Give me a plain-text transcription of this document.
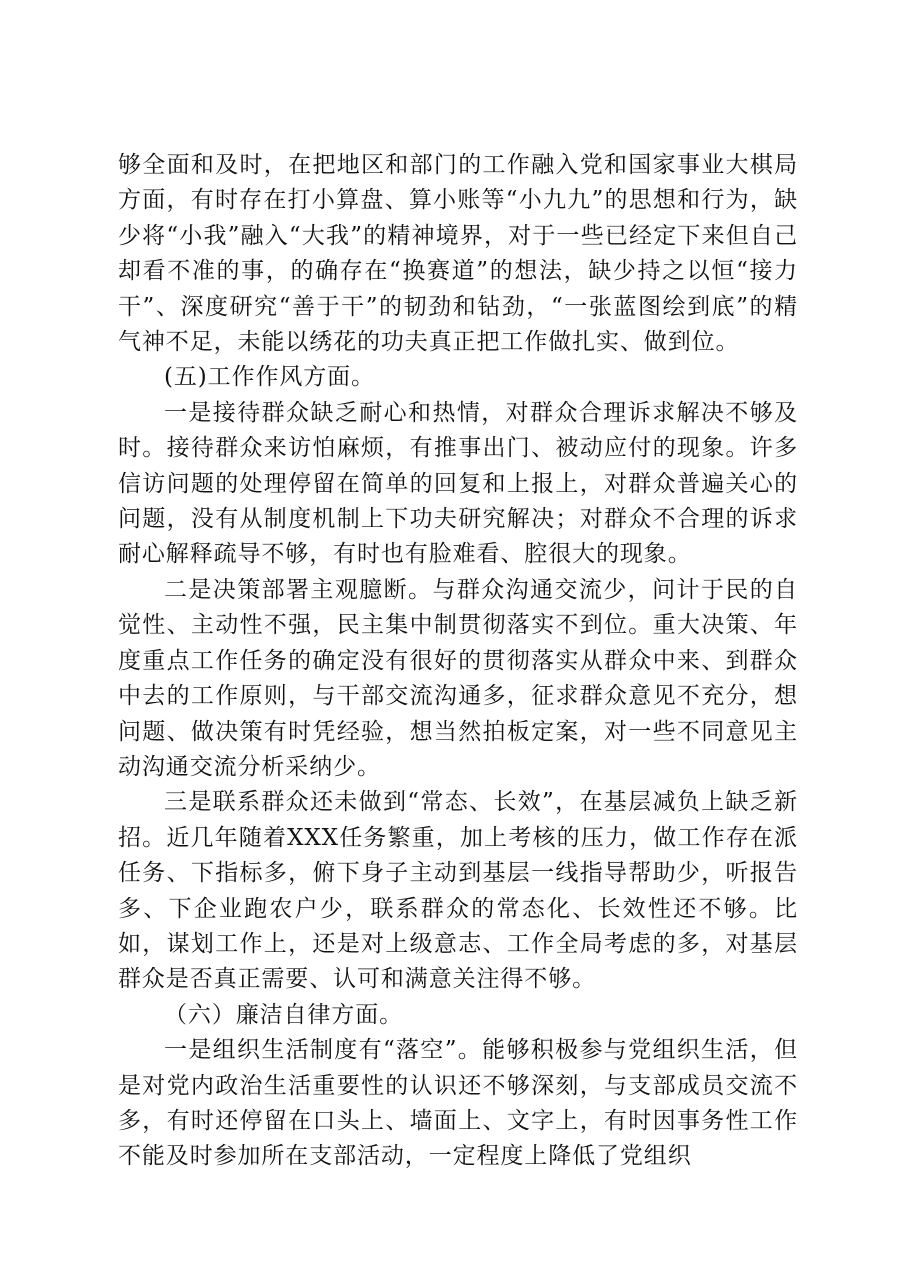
够全面和及时，在把地区和部门的工作融入党和国家事业大棋局方面，有时存在打小算盘、算小账等“小九九”的思想和行为，缺少将“小我”融入“大我”的精神境界，对于一些已经定下来但自己却看不准的事，的确存在“换赛道”的想法，缺少持之以恒“接力干”、深度研究“善于干”的韧劲和钻劲，“一张蓝图绘到底”的精气神不足，未能以绣花的功夫真正把工作做扎实、做到位。

(五)工作作风方面。

一是接待群众缺乏耐心和热情，对群众合理诉求解决不够及时。接待群众来访怕麻烦，有推事出门、被动应付的现象。许多信访问题的处理停留在简单的回复和上报上，对群众普遍关心的问题，没有从制度机制上下功夫研究解决；对群众不合理的诉求耐心解释疏导不够，有时也有脸难看、腔很大的现象。

二是决策部署主观臆断。与群众沟通交流少，问计于民的自觉性、主动性不强，民主集中制贯彻落实不到位。重大决策、年度重点工作任务的确定没有很好的贯彻落实从群众中来、到群众中去的工作原则，与干部交流沟通多，征求群众意见不充分，想问题、做决策有时凭经验，想当然拍板定案，对一些不同意见主动沟通交流分析采纳少。

三是联系群众还未做到“常态、长效”，在基层减负上缺乏新招。近几年随着XXX任务繁重，加上考核的压力，做工作存在派任务、下指标多，俯下身子主动到基层一线指导帮助少，听报告多、下企业跑农户少，联系群众的常态化、长效性还不够。比如，谋划工作上，还是对上级意志、工作全局考虑的多，对基层群众是否真正需要、认可和满意关注得不够。

（六）廉洁自律方面。

一是组织生活制度有“落空”。能够积极参与党组织生活，但是对党内政治生活重要性的认识还不够深刻，与支部成员交流不多，有时还停留在口头上、墙面上、文字上，有时因事务性工作不能及时参加所在支部活动，一定程度上降低了党组织
